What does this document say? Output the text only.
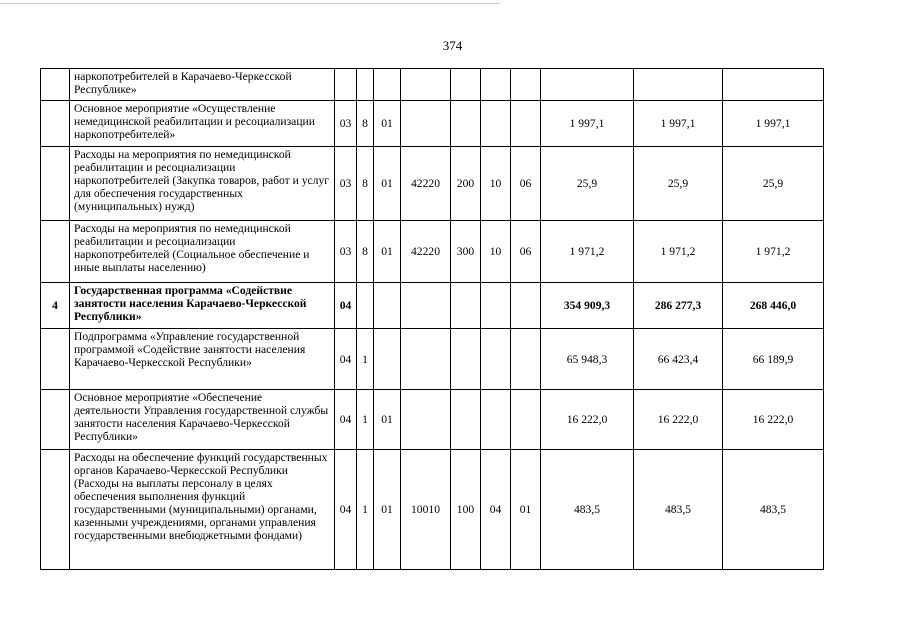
374
	наркопотребителей в Карачаево-Черкесской Республике»										
	Основное мероприятие «Осуществление немедицинской реабилитации и ресоциализации наркопотребителей»	03	8	01					1 997,1	1 997,1	1 997,1
	Расходы на мероприятия по немедицинской реабилитации и ресоциализации наркопотребителей (Закупка товаров, работ и услуг для обеспечения государственных (муниципальных) нужд)	03	8	01	42220	200	10	06	25,9	25,9	25,9
	Расходы на мероприятия по немедицинской реабилитации и ресоциализации наркопотребителей (Социальное обеспечение и иные выплаты населению)	03	8	01	42220	300	10	06	1 971,2	1 971,2	1 971,2
4	Государственная программа «Содействие занятости населения Карачаево-Черкесской Республики»	04							354 909,3	286 277,3	268 446,0
	Подпрограмма «Управление государственной программой «Содействие занятости населения Карачаево-Черкесской Республики»	04	1						65 948,3	66 423,4	66 189,9
	Основное мероприятие «Обеспечение деятельности Управления государственной службы занятости населения Карачаево-Черкесской Республики»	04	1	01					16 222,0	16 222,0	16 222,0
	Расходы на обеспечение функций государственных органов Карачаево-Черкесской Республики (Расходы на выплаты персоналу в целях обеспечения выполнения функций государственными (муниципальными) органами, казенными учреждениями, органами управления государственными внебюджетными фондами)	04	1	01	10010	100	04	01	483,5	483,5	483,5
